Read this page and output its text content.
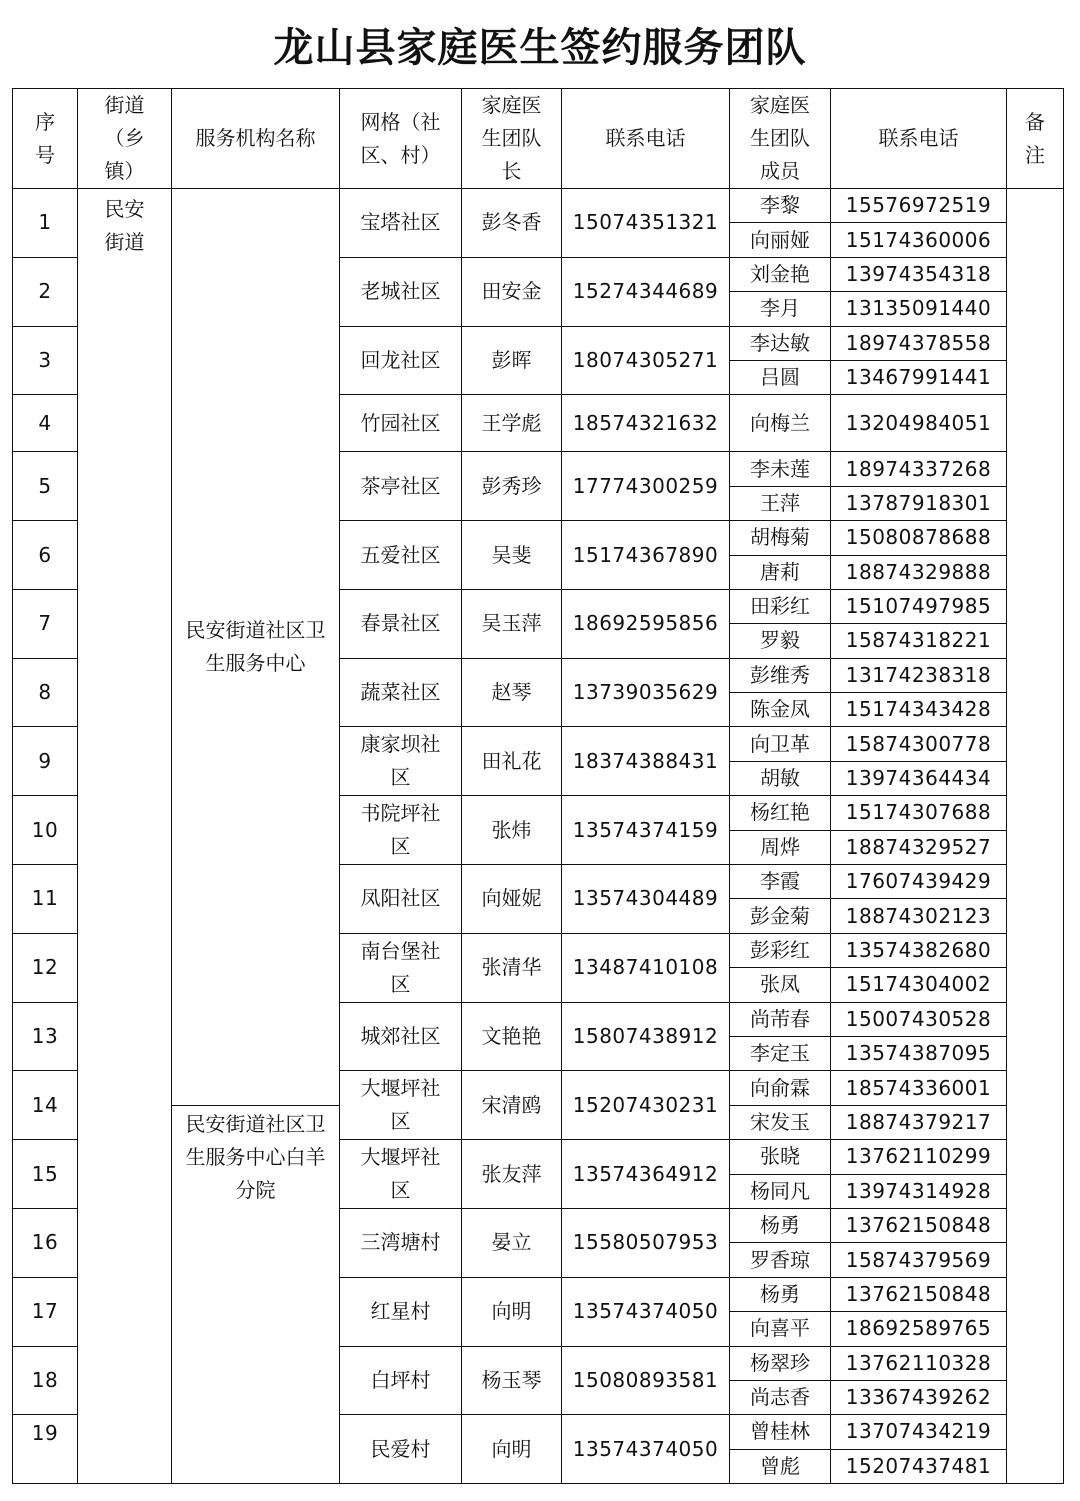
龙山县家庭医生签约服务团队
序号	街道（乡镇）	服务机构名称	网格（社区、村）	家庭医生团队长	联系电话	家庭医生团队成员	联系电话	备注
1	民安街道	民安街道社区卫生服务中心	宝塔社区	彭冬香	15074351321	李黎	15576972519	
						向丽娅	15174360006	
2			老城社区	田安金	15274344689	刘金艳	13974354318	
						李月	13135091440	
3			回龙社区	彭晖	18074305271	李达敏	18974378558	
						吕圆	13467991441	
4			竹园社区	王学彪	18574321632	向梅兰	13204984051	
5			茶亭社区	彭秀珍	17774300259	李未莲	18974337268	
						王萍	13787918301	
6			五爱社区	吴斐	15174367890	胡梅菊	15080878688	
						唐莉	18874329888	
7			春景社区	吴玉萍	18692595856	田彩红	15107497985	
						罗毅	15874318221	
8			蔬菜社区	赵琴	13739035629	彭维秀	13174238318	
						陈金凤	15174343428	
9			康家坝社区	田礼花	18374388431	向卫革	15874300778	
						胡敏	13974364434	
10			书院坪社区	张炜	13574374159	杨红艳	15174307688	
						周烨	18874329527	
11			凤阳社区	向娅妮	13574304489	李霞	17607439429	
						彭金菊	18874302123	
12			南台堡社区	张清华	13487410108	彭彩红	13574382680	
						张凤	15174304002	
13			城郊社区	文艳艳	15807438912	尚芾春	15007430528	
						李定玉	13574387095	
14			大堰坪社区	宋清鸥	15207430231	向俞霖	18574336001	
		民安街道社区卫生服务中心白羊分院				宋发玉	18874379217	
15			大堰坪社区	张友萍	13574364912	张晓	13762110299	
						杨同凡	13974314928	
16			三湾塘村	晏立	15580507953	杨勇	13762150848	
						罗香琼	15874379569	
17			红星村	向明	13574374050	杨勇	13762150848	
						向喜平	18692589765	
18			白坪村	杨玉琴	15080893581	杨翠珍	13762110328	
						尚志香	13367439262	
19			民爱村	向明	13574374050	曾桂林	13707434219	
						曾彪	15207437481	
